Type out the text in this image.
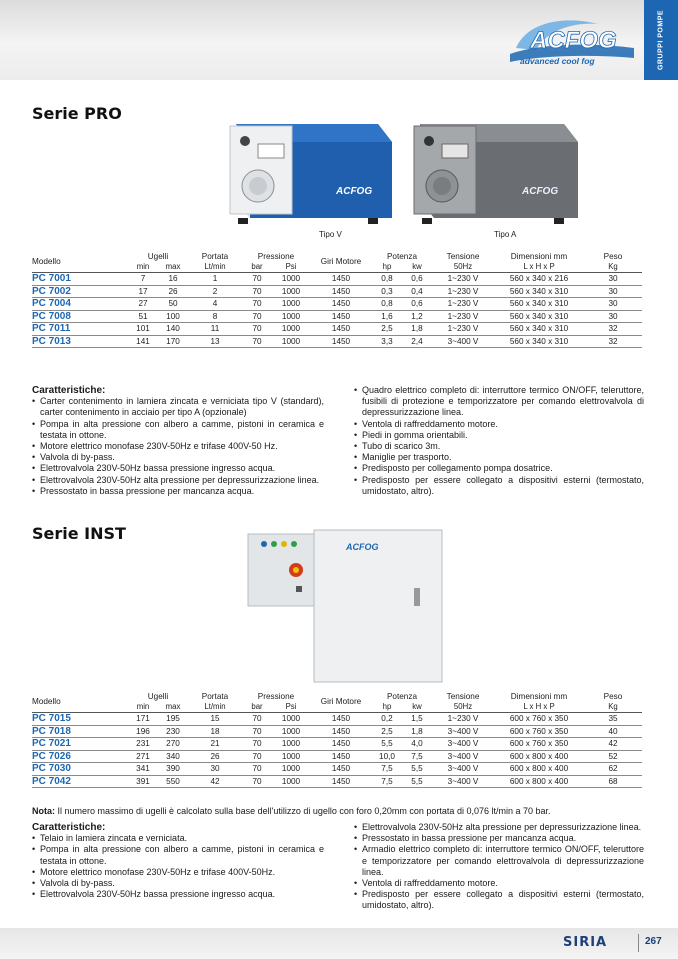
GRUPPI POMPE
ACFOG
advanced cool fog
Serie PRO
ACFOG
Tipo V
ACFOG
Tipo A
Modello	Ugelli		Portata	Pressione		Giri Motore	Potenza		Tensione	Dimensioni mm	Peso
	min	max	Lt/min	bar	Psi		hp	kw	50Hz	L x H x P	Kg
PC 7001	7	16	1	70	1000	1450	0,8	0,6	1~230 V	560 x 340 x 216	30
PC 7002	17	26	2	70	1000	1450	0,3	0,4	1~230 V	560 x 340 x 310	30
PC 7004	27	50	4	70	1000	1450	0,8	0,6	1~230 V	560 x 340 x 310	30
PC 7008	51	100	8	70	1000	1450	1,6	1,2	1~230 V	560 x 340 x 310	30
PC 7011	101	140	11	70	1000	1450	2,5	1,8	1~230 V	560 x 340 x 310	32
PC 7013	141	170	13	70	1000	1450	3,3	2,4	3~400 V	560 x 340 x 310	32
Caratteristiche:
• Carter contenimento in lamiera zincata e verniciata tipo V (standard), carter contenimento in acciaio per tipo A (opzionale)
• Pompa in alta pressione con albero a camme, pistoni in ceramica e testata in ottone.
• Motore elettrico monofase 230V-50Hz e trifase 400V-50 Hz.
• Valvola di by-pass.
• Elettrovalvola 230V-50Hz bassa pressione ingresso acqua.
• Elettrovalvola 230V-50Hz alta pressione per depressurizzazione linea.
• Pressostato in bassa pressione per mancanza acqua.
• Quadro elettrico completo di: interruttore termico ON/OFF, teleruttore, fusibili di protezione e temporizzatore per comando elettrovalvola di depressurizzazione linea.
• Ventola di raffreddamento motore.
• Piedi in gomma orientabili.
• Tubo di scarico 3m.
• Maniglie per trasporto.
• Predisposto per collegamento pompa dosatrice.
• Predisposto per essere collegato a dispositivi esterni (termostato, umidostato, altro).
Serie INST
ACFOG
Modello	Ugelli		Portata	Pressione		Giri Motore	Potenza		Tensione	Dimensioni mm	Peso
	min	max	Lt/min	bar	Psi		hp	kw	50Hz	L x H x P	Kg
PC 7015	171	195	15	70	1000	1450	0,2	1,5	1~230 V	600 x 760 x 350	35
PC 7018	196	230	18	70	1000	1450	2,5	1,8	3~400 V	600 x 760 x 350	40
PC 7021	231	270	21	70	1000	1450	5,5	4,0	3~400 V	600 x 760 x 350	42
PC 7026	271	340	26	70	1000	1450	10,0	7,5	3~400 V	600 x 800 x 400	52
PC 7030	341	390	30	70	1000	1450	7,5	5,5	3~400 V	600 x 800 x 400	62
PC 7042	391	550	42	70	1000	1450	7,5	5,5	3~400 V	600 x 800 x 400	68
Nota: Il numero massimo di ugelli è calcolato sulla base dell'utilizzo di ugello con foro 0,20mm con portata di 0,076 lt/min a 70 bar.
Caratteristiche:
• Telaio in lamiera zincata e verniciata.
• Pompa in alta pressione con albero a camme, pistoni in ceramica e testata in ottone.
• Motore elettrico monofase 230V-50Hz e trifase 400V-50Hz.
• Valvola di by-pass.
• Elettrovalvola 230V-50Hz bassa pressione ingresso acqua.
• Elettrovalvola 230V-50Hz alta pressione per depressurizzazione linea.
• Pressostato in bassa pressione per mancanza acqua.
• Armadio elettrico completo di: interruttore termico ON/OFF, teleruttore e temporizzatore per comando elettrovalvola di depressurizzazione linea.
• Ventola di raffreddamento motore.
• Predisposto per essere collegato a dispositivi esterni (termostato, umidostato, altro).
SIRIA	267
